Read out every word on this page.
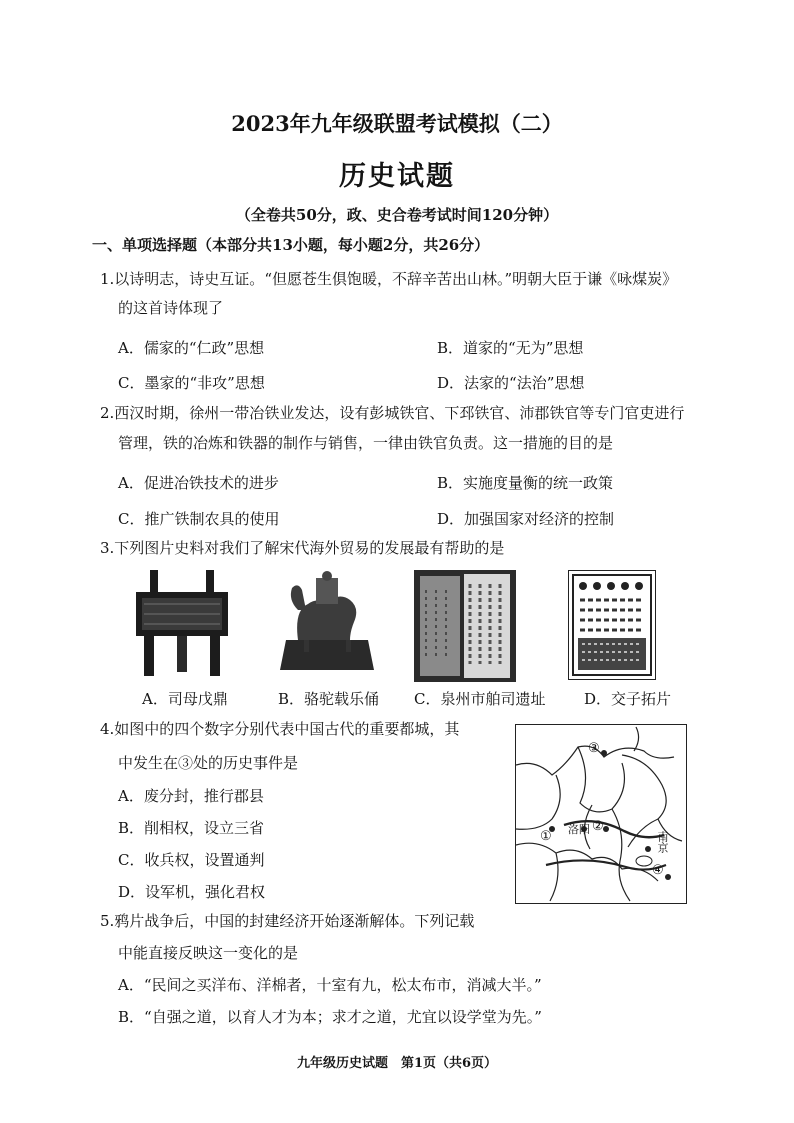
2023年九年级联盟考试模拟（二）
历史试题
（全卷共50分，政、史合卷考试时间120分钟）
一、单项选择题（本部分共13小题，每小题2分，共26分）
1.以诗明志，诗史互证。“但愿苍生俱饱暖，不辞辛苦出山林。”明朝大臣于谦《咏煤炭》
的这首诗体现了
A．儒家的“仁政”思想	B．道家的“无为”思想
C．墨家的“非攻”思想	D．法家的“法治”思想
2.西汉时期，徐州一带冶铁业发达，设有彭城铁官、下邳铁官、沛郡铁官等专门官吏进行
管理，铁的冶炼和铁器的制作与销售，一律由铁官负责。这一措施的目的是
A．促进冶铁技术的进步	B．实施度量衡的统一政策
C．推广铁制农具的使用	D．加强国家对经济的控制
3.下列图片史料对我们了解宋代海外贸易的发展最有帮助的是
A．司母戊鼎	B．骆驼载乐俑 C．泉州市舶司遗址	D．交子拓片
4.如图中的四个数字分别代表中国古代的重要都城，其
中发生在③处的历史事件是
A．废分封，推行郡县
B．削相权，设立三省
C．收兵权，设置通判
D．设军机，强化君权
③
① 洛阳 ②
南京
④
5.鸦片战争后，中国的封建经济开始逐渐解体。下列记载
中能直接反映这一变化的是
A．“民间之买洋布、洋棉者，十室有九，松太布市，消减大半。”
B．“自强之道，以育人才为本；求才之道，尤宜以设学堂为先。”
九年级历史试题　第1页（共6页）
